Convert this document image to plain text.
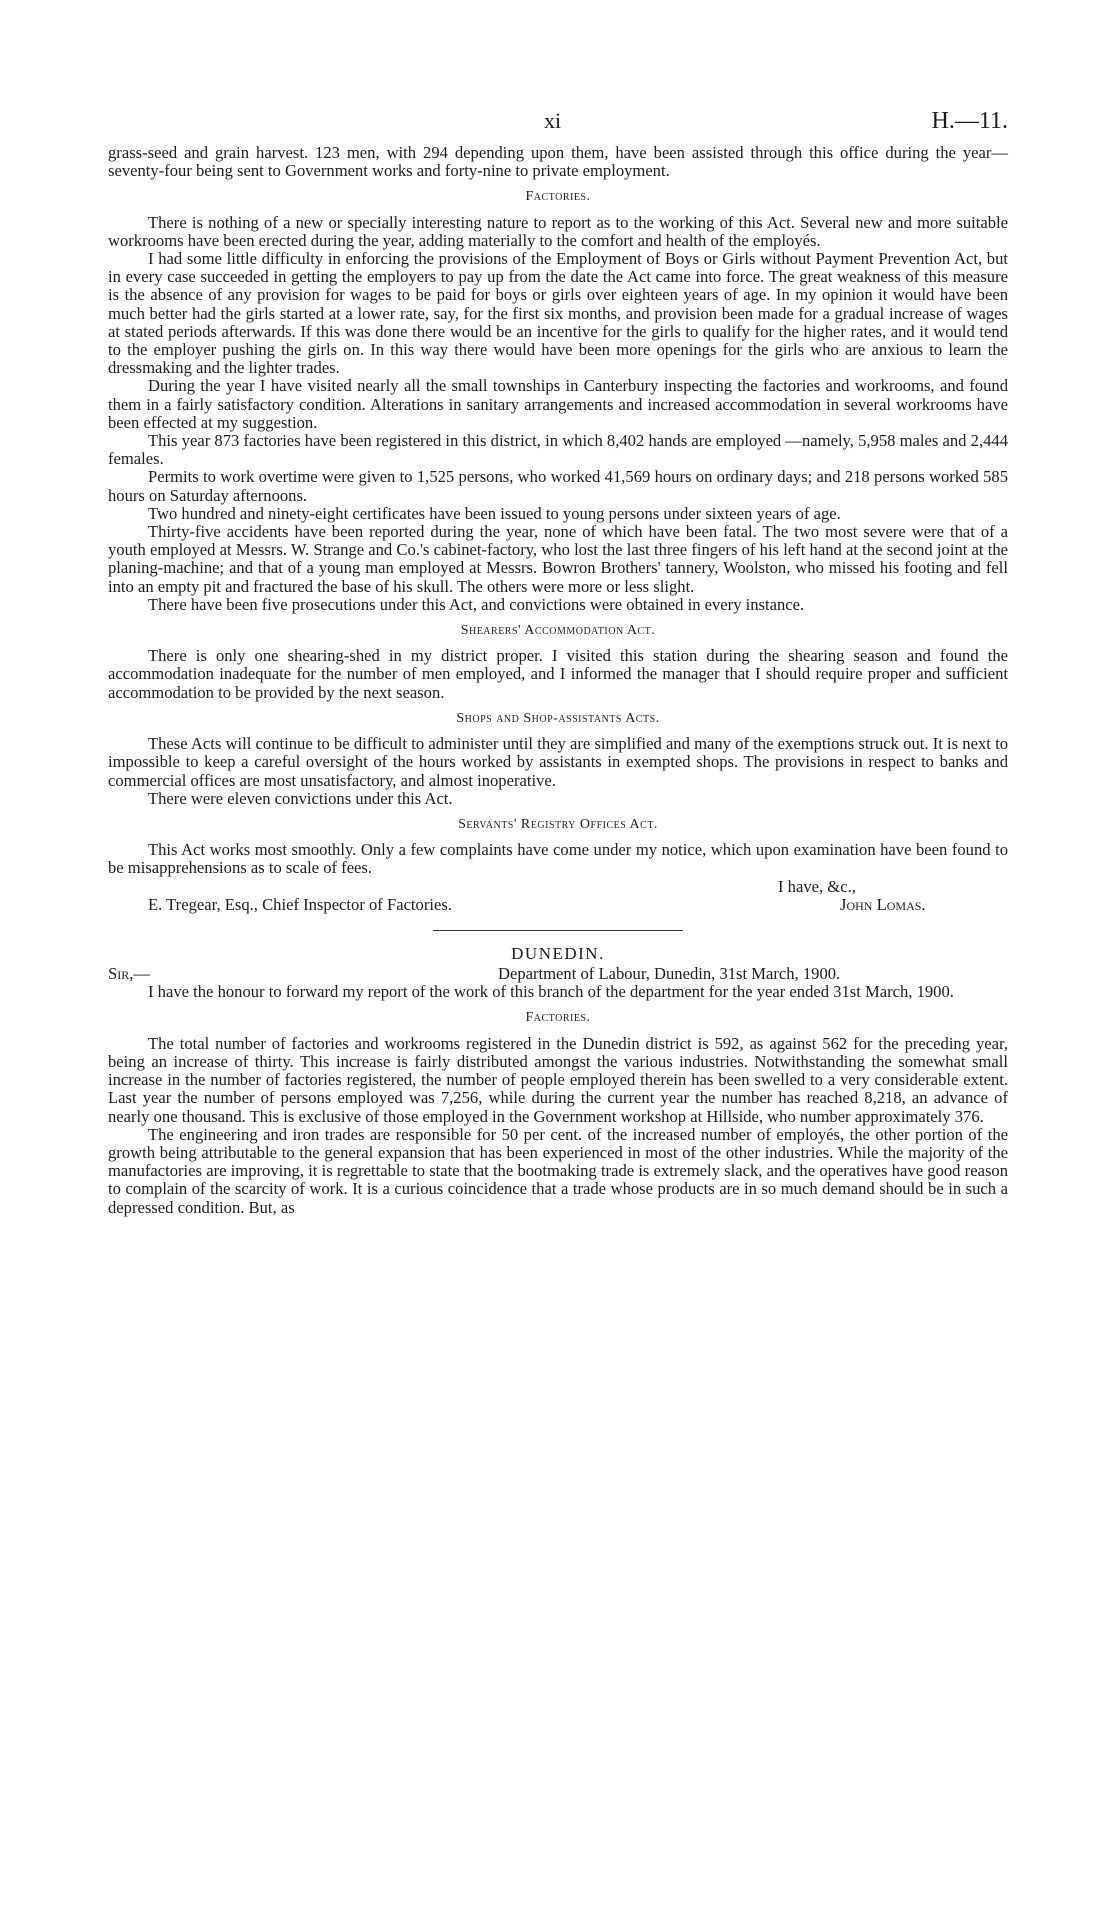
xi	H.—11.

grass-seed and grain harvest. 123 men, with 294 depending upon them, have been assisted through this office during the year—seventy-four being sent to Government works and forty-nine to private employment.

Factories.

There is nothing of a new or specially interesting nature to report as to the working of this Act. Several new and more suitable workrooms have been erected during the year, adding materially to the comfort and health of the employés.

I had some little difficulty in enforcing the provisions of the Employment of Boys or Girls without Payment Prevention Act, but in every case succeeded in getting the employers to pay up from the date the Act came into force. The great weakness of this measure is the absence of any provision for wages to be paid for boys or girls over eighteen years of age. In my opinion it would have been much better had the girls started at a lower rate, say, for the first six months, and provision been made for a gradual increase of wages at stated periods afterwards. If this was done there would be an incentive for the girls to qualify for the higher rates, and it would tend to the employer pushing the girls on. In this way there would have been more openings for the girls who are anxious to learn the dressmaking and the lighter trades.

During the year I have visited nearly all the small townships in Canterbury inspecting the factories and workrooms, and found them in a fairly satisfactory condition. Alterations in sanitary arrangements and increased accommodation in several workrooms have been effected at my suggestion.

This year 873 factories have been registered in this district, in which 8,402 hands are employed —namely, 5,958 males and 2,444 females.

Permits to work overtime were given to 1,525 persons, who worked 41,569 hours on ordinary days; and 218 persons worked 585 hours on Saturday afternoons.

Two hundred and ninety-eight certificates have been issued to young persons under sixteen years of age.

Thirty-five accidents have been reported during the year, none of which have been fatal. The two most severe were that of a youth employed at Messrs. W. Strange and Co.'s cabinet-factory, who lost the last three fingers of his left hand at the second joint at the planing-machine; and that of a young man employed at Messrs. Bowron Brothers' tannery, Woolston, who missed his footing and fell into an empty pit and fractured the base of his skull. The others were more or less slight.

There have been five prosecutions under this Act, and convictions were obtained in every instance.

Shearers' Accommodation Act.

There is only one shearing-shed in my district proper. I visited this station during the shearing season and found the accommodation inadequate for the number of men employed, and I informed the manager that I should require proper and sufficient accommodation to be provided by the next season.

Shops and Shop-assistants Acts.

These Acts will continue to be difficult to administer until they are simplified and many of the exemptions struck out. It is next to impossible to keep a careful oversight of the hours worked by assistants in exempted shops. The provisions in respect to banks and commercial offices are most unsatisfactory, and almost inoperative.

There were eleven convictions under this Act.

Servants' Registry Offices Act.

This Act works most smoothly. Only a few complaints have come under my notice, which upon examination have been found to be misapprehensions as to scale of fees.

I have, &c.,
E. Tregear, Esq., Chief Inspector of Factories.	John Lomas.
DUNEDIN.
Sir,—	Department of Labour, Dunedin, 31st March, 1900.

I have the honour to forward my report of the work of this branch of the department for the year ended 31st March, 1900.

Factories.

The total number of factories and workrooms registered in the Dunedin district is 592, as against 562 for the preceding year, being an increase of thirty. This increase is fairly distributed amongst the various industries. Notwithstanding the somewhat small increase in the number of factories registered, the number of people employed therein has been swelled to a very considerable extent. Last year the number of persons employed was 7,256, while during the current year the number has reached 8,218, an advance of nearly one thousand. This is exclusive of those employed in the Government workshop at Hillside, who number approximately 376.

The engineering and iron trades are responsible for 50 per cent. of the increased number of employés, the other portion of the growth being attributable to the general expansion that has been experienced in most of the other industries. While the majority of the manufactories are improving, it is regrettable to state that the bootmaking trade is extremely slack, and the operatives have good reason to complain of the scarcity of work. It is a curious coincidence that a trade whose products are in so much demand should be in such a depressed condition. But, as
